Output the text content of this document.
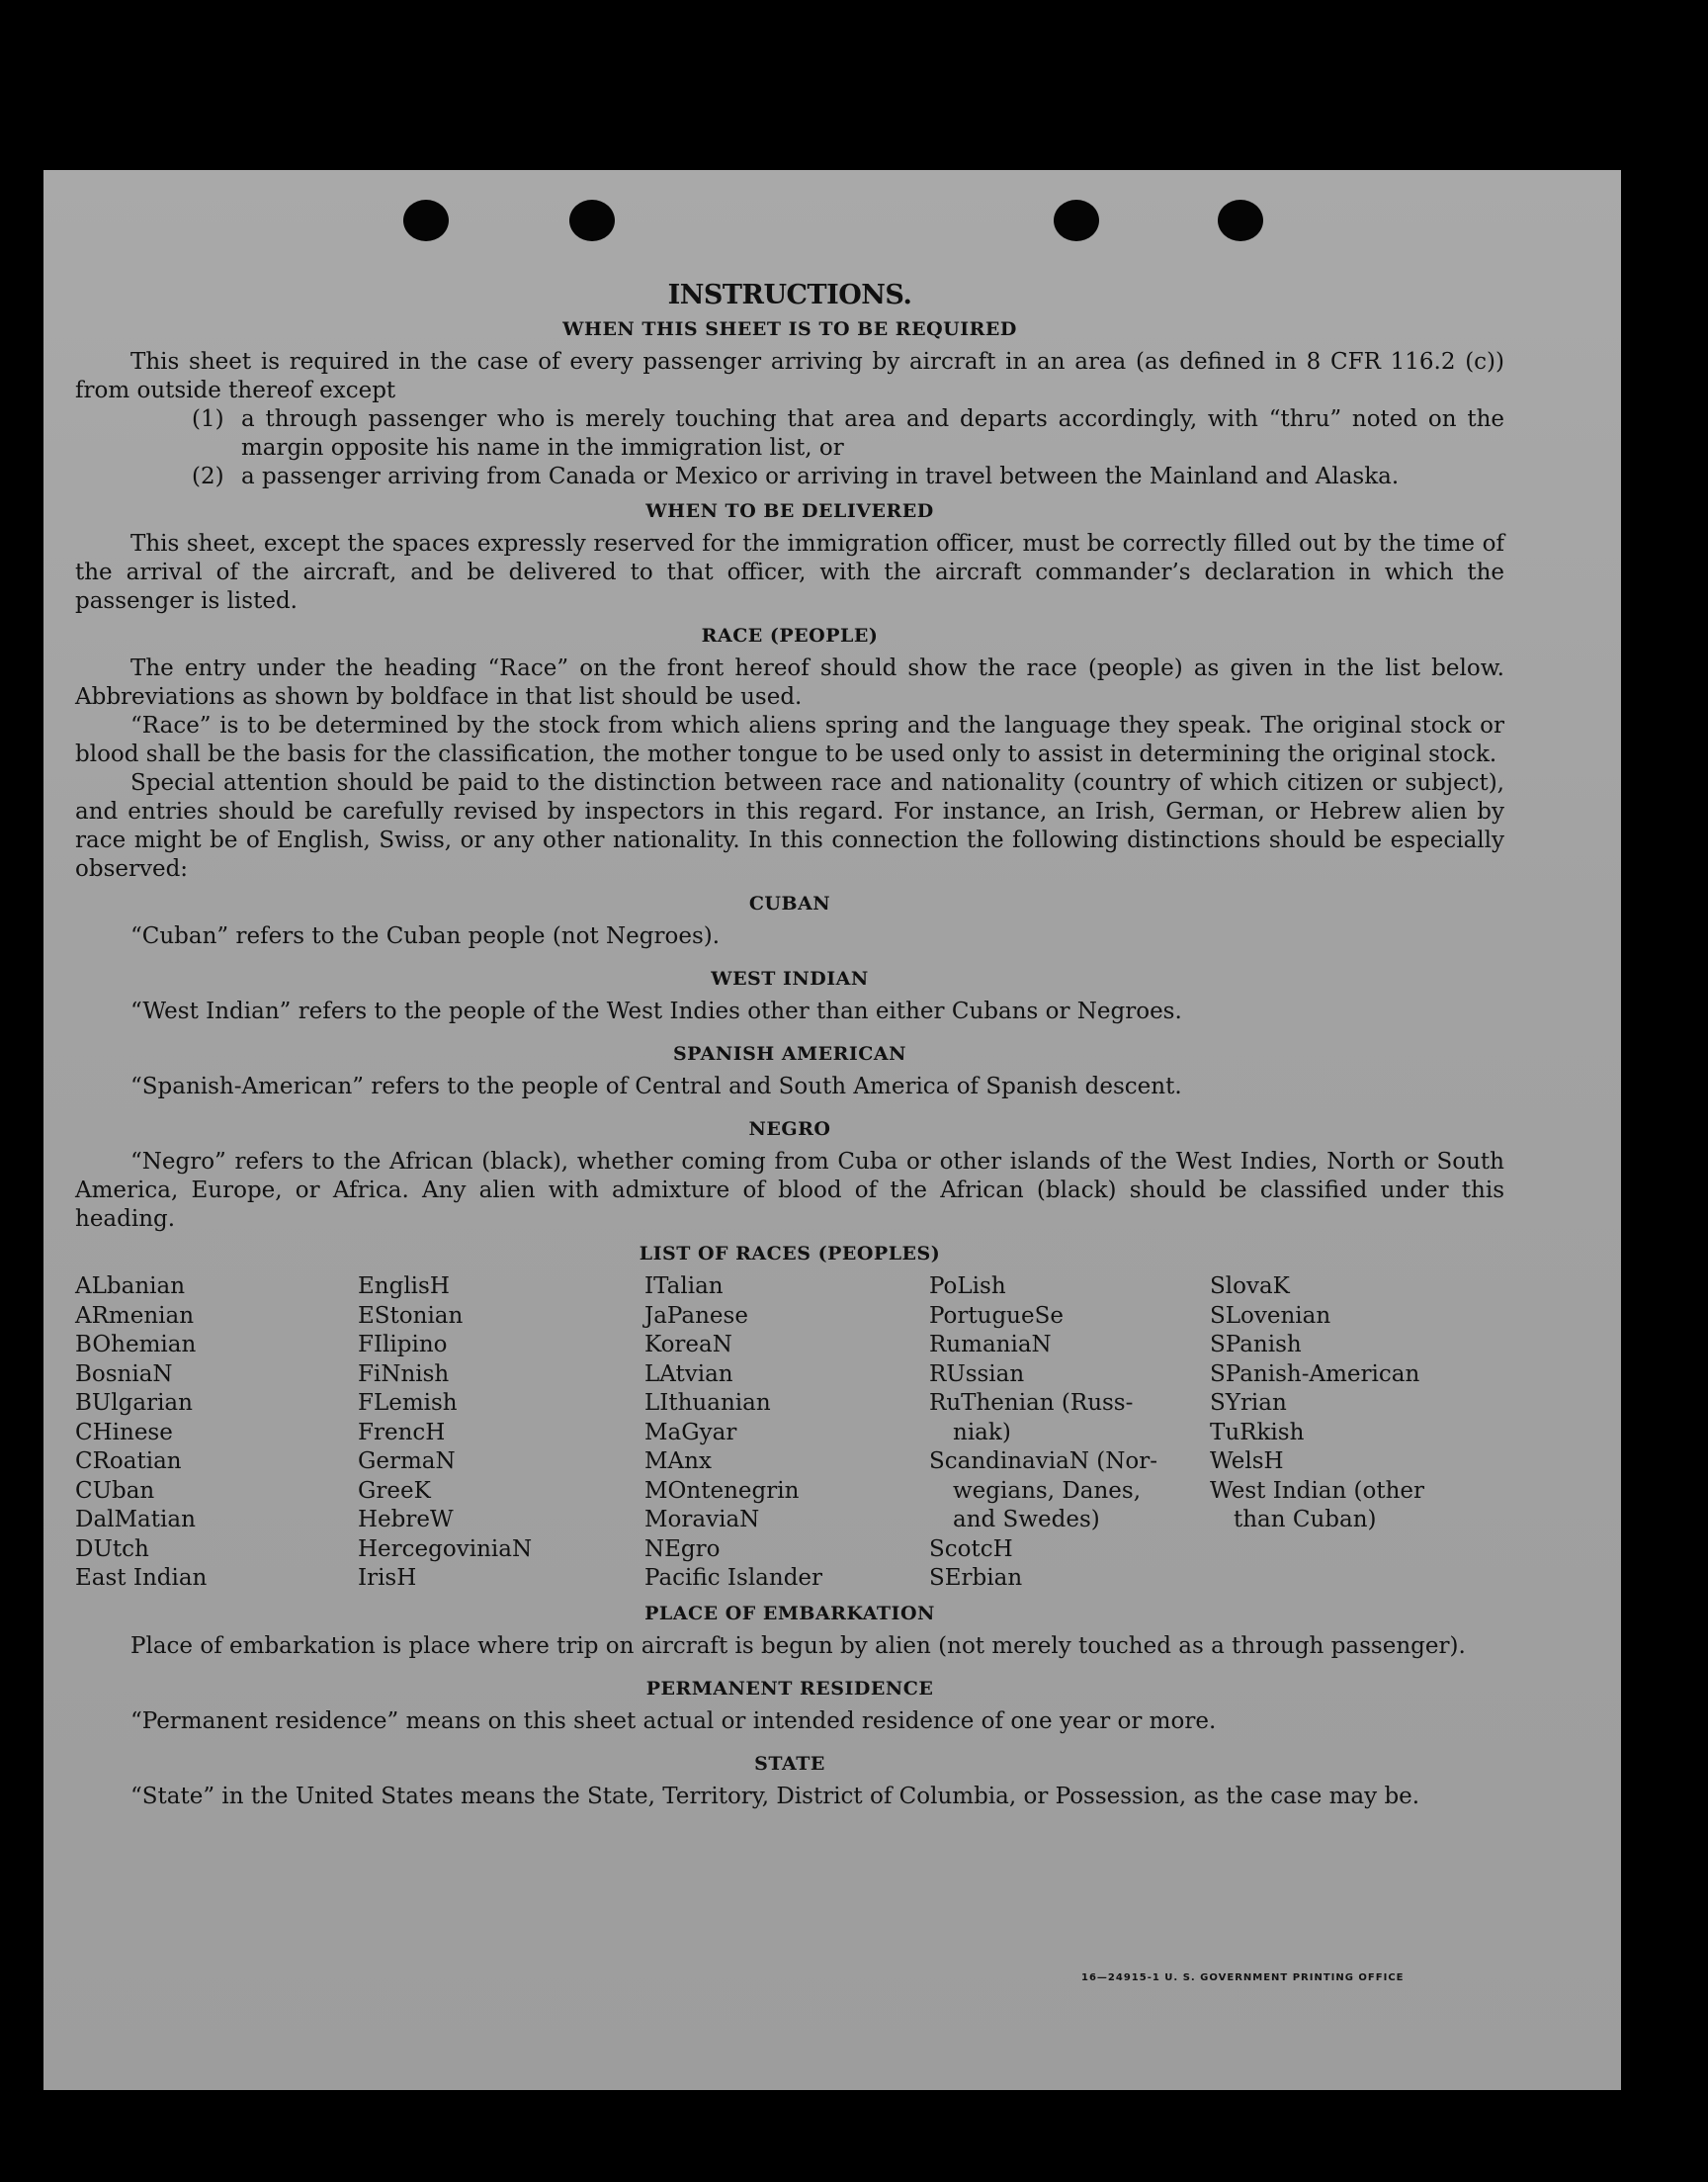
INSTRUCTIONS.
WHEN THIS SHEET IS TO BE REQUIRED

This sheet is required in the case of every passenger arriving by aircraft in an area (as defined in 8 CFR 116.2 (c)) from outside thereof except

(1) a through passenger who is merely touching that area and departs accordingly, with “thru” noted on the margin opposite his name in the immigration list, or
(2) a passenger arriving from Canada or Mexico or arriving in travel between the Mainland and Alaska.
WHEN TO BE DELIVERED

This sheet, except the spaces expressly reserved for the immigration officer, must be correctly filled out by the time of the arrival of the aircraft, and be delivered to that officer, with the aircraft commander’s declaration in which the passenger is listed.

RACE (PEOPLE)

The entry under the heading “Race” on the front hereof should show the race (people) as given in the list below. Abbreviations as shown by boldface in that list should be used.

“Race” is to be determined by the stock from which aliens spring and the language they speak. The original stock or blood shall be the basis for the classification, the mother tongue to be used only to assist in determining the original stock.

Special attention should be paid to the distinction between race and nationality (country of which citizen or subject), and entries should be carefully revised by inspectors in this regard. For instance, an Irish, German, or Hebrew alien by race might be of English, Swiss, or any other nationality. In this connection the following distinctions should be especially observed:

CUBAN

“Cuban” refers to the Cuban people (not Negroes).

WEST INDIAN

“West Indian” refers to the people of the West Indies other than either Cubans or Negroes.

SPANISH AMERICAN

“Spanish-American” refers to the people of Central and South America of Spanish descent.

NEGRO

“Negro” refers to the African (black), whether coming from Cuba or other islands of the West Indies, North or South America, Europe, or Africa. Any alien with admixture of blood of the African (black) should be classified under this heading.

LIST OF RACES (PEOPLES)
ALbanian
ARmenian
BOhemian
BosniaN
BUlgarian
CHinese
CRoatian
CUban
DalMatian
DUtch
East Indian
EnglisH
EStonian
FIlipino
FiNnish
FLemish
FrencH
GermaN
GreeK
HebreW
HercegoviniaN
IrisH
ITalian
JaPanese
KoreaN
LAtvian
LIthuanian
MaGyar
MAnx
MOntenegrin
MoraviaN
NEgro
Pacific Islander
PoLish
PortugueSe
RumaniaN
RUssian
RuThenian (Russ-
niak)
ScandinaviaN (Nor-
wegians, Danes,
and Swedes)
ScotcH
SErbian
SlovaK
SLovenian
SPanish
SPanish-American
SYrian
TuRkish
WelsH
West Indian (other
than Cuban)
PLACE OF EMBARKATION

Place of embarkation is place where trip on aircraft is begun by alien (not merely touched as a through passenger).

PERMANENT RESIDENCE

“Permanent residence” means on this sheet actual or intended residence of one year or more.

STATE

“State” in the United States means the State, Territory, District of Columbia, or Possession, as the case may be.

16—24915-1 U. S. GOVERNMENT PRINTING OFFICE
